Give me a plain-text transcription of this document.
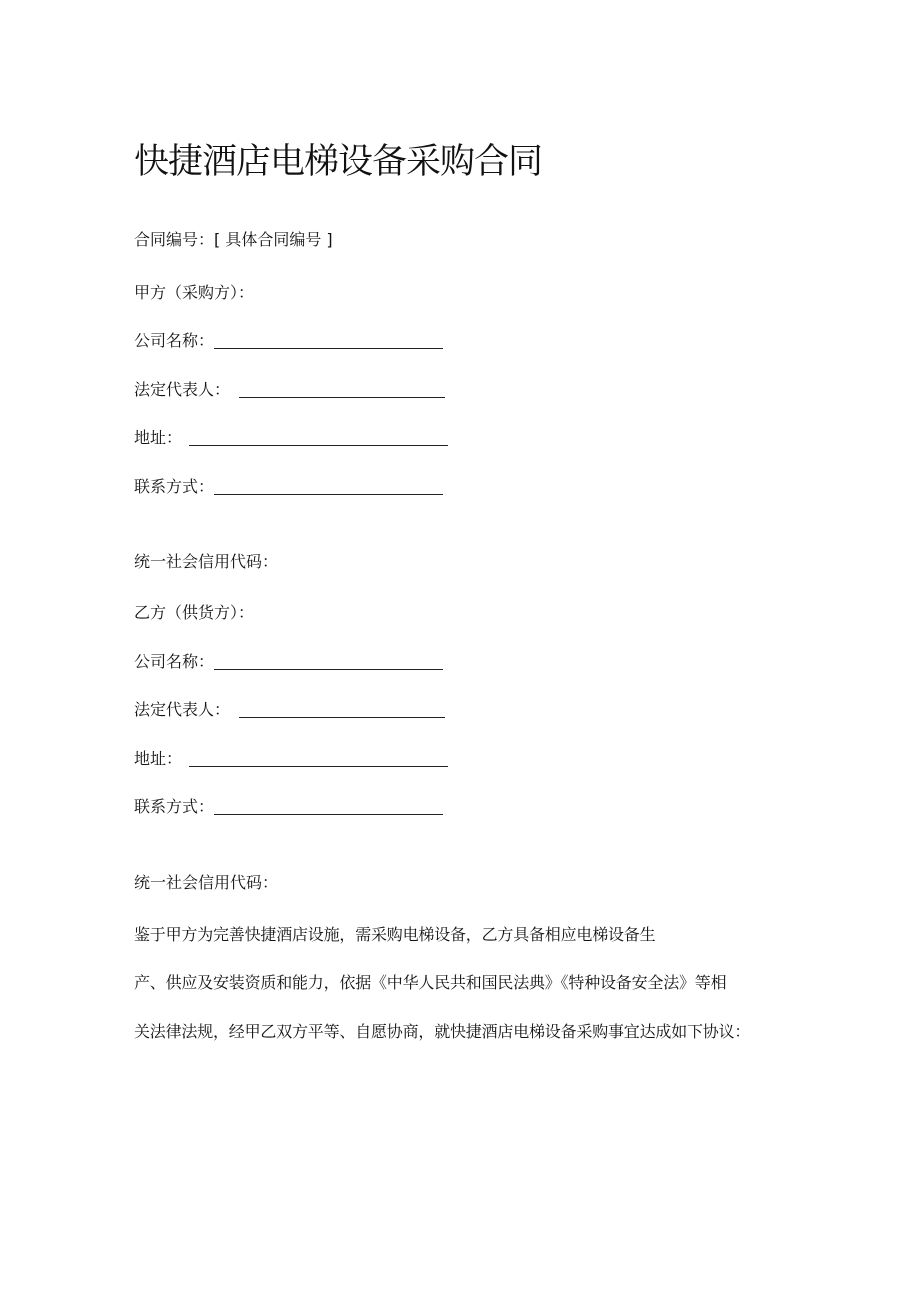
快捷酒店电梯设备采购合同
合同编号：[ 具体合同编号 ]
甲方（采购方）：
公司名称：
法定代表人：
地址：
联系方式：
统一社会信用代码：
乙方（供货方）：
公司名称：
法定代表人：
地址：
联系方式：
统一社会信用代码：
鉴于甲方为完善快捷酒店设施，需采购电梯设备，乙方具备相应电梯设备生
产、供应及安装资质和能力，依据《中华人民共和国民法典》《特种设备安全法》等相
关法律法规，经甲乙双方平等、自愿协商，就快捷酒店电梯设备采购事宜达成如下协议：
